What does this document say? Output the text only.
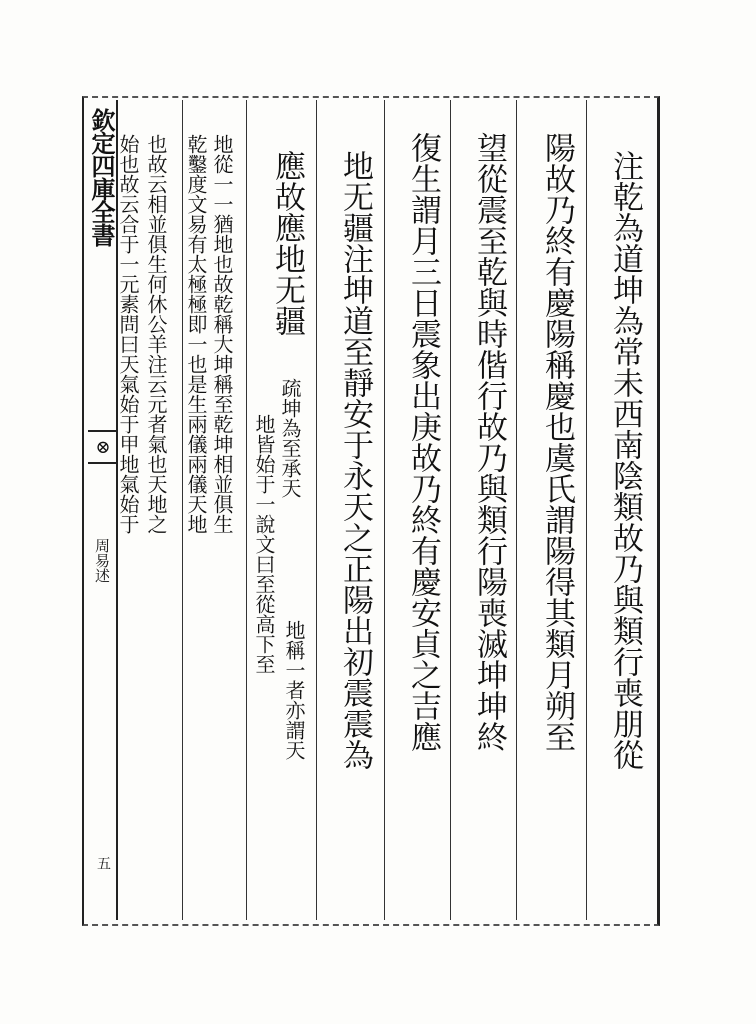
欽定四庫全書
⊗
周易述
五
注乾為道坤為常未西南陰類故乃與類行喪朋從
陽故乃終有慶陽稱慶也虞氏謂陽得其類月朔至
望從震至乾與時偕行故乃與類行陽喪滅坤坤終
復生謂月三日震象出庚故乃終有慶安貞之吉應
地无疆注坤道至靜安于永天之正陽出初震震為
應故應地无疆
疏坤為至承天
地皆始于一說文曰至從高下至
地稱一者亦謂天
地從一一猶地也故乾稱大坤稱至乾坤相並俱生
乾鑿度文易有太極極即一也是生兩儀兩儀天地
也故云相並俱生何休公羊注云元者氣也天地之
始也故云合于一元素問曰天氣始于甲地氣始于
